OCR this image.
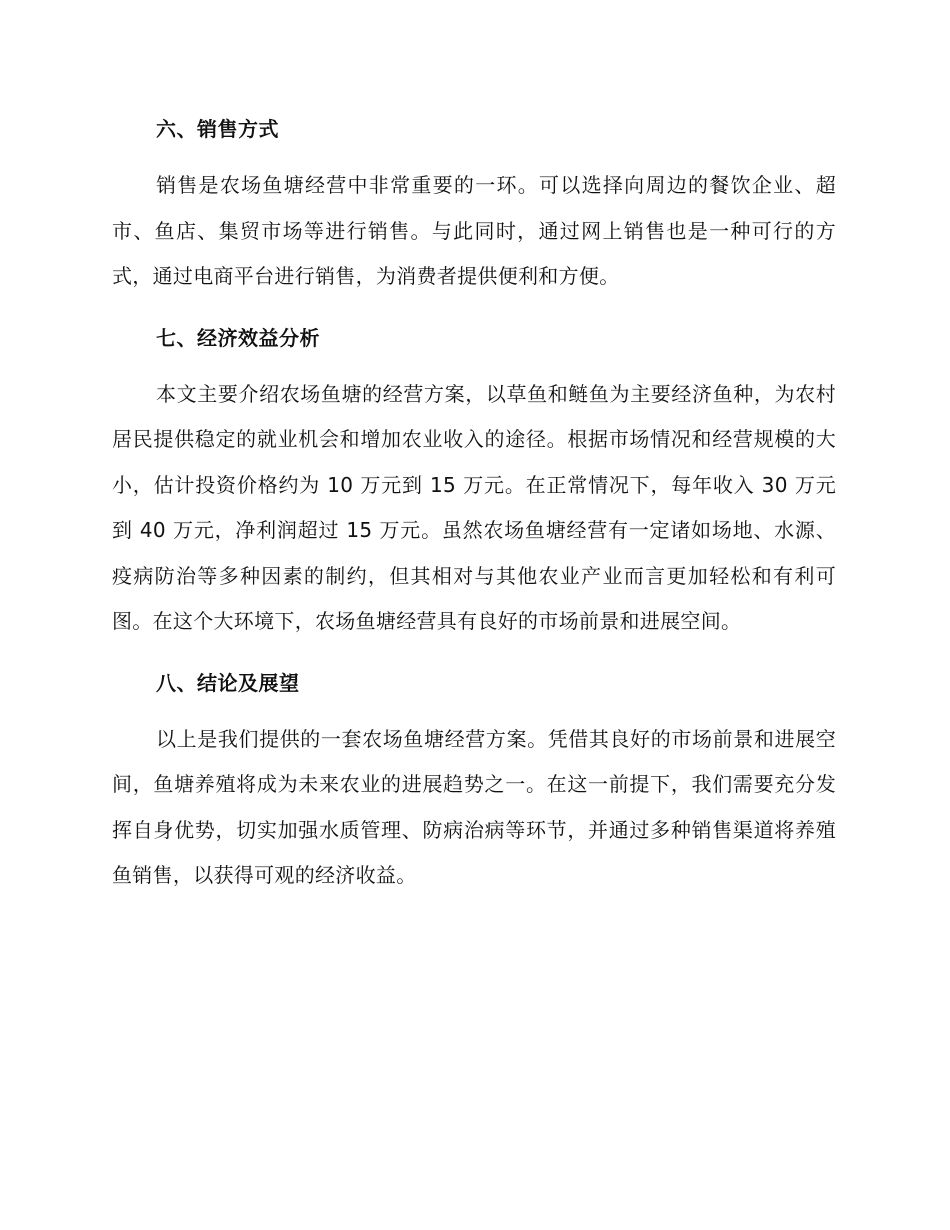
六、销售方式

销售是农场鱼塘经营中非常重要的一环。可以选择向周边的餐饮企业、超市、鱼店、集贸市场等进行销售。与此同时，通过网上销售也是一种可行的方式，通过电商平台进行销售，为消费者提供便利和方便。

七、经济效益分析

本文主要介绍农场鱼塘的经营方案，以草鱼和鲢鱼为主要经济鱼种，为农村居民提供稳定的就业机会和增加农业收入的途径。根据市场情况和经营规模的大小，估计投资价格约为 10 万元到 15 万元。在正常情况下，每年收入 30 万元到 40 万元，净利润超过 15 万元。虽然农场鱼塘经营有一定诸如场地、水源、疫病防治等多种因素的制约，但其相对与其他农业产业而言更加轻松和有利可图。在这个大环境下，农场鱼塘经营具有良好的市场前景和进展空间。

八、结论及展望

以上是我们提供的一套农场鱼塘经营方案。凭借其良好的市场前景和进展空间，鱼塘养殖将成为未来农业的进展趋势之一。在这一前提下，我们需要充分发挥自身优势，切实加强水质管理、防病治病等环节，并通过多种销售渠道将养殖鱼销售，以获得可观的经济收益。
